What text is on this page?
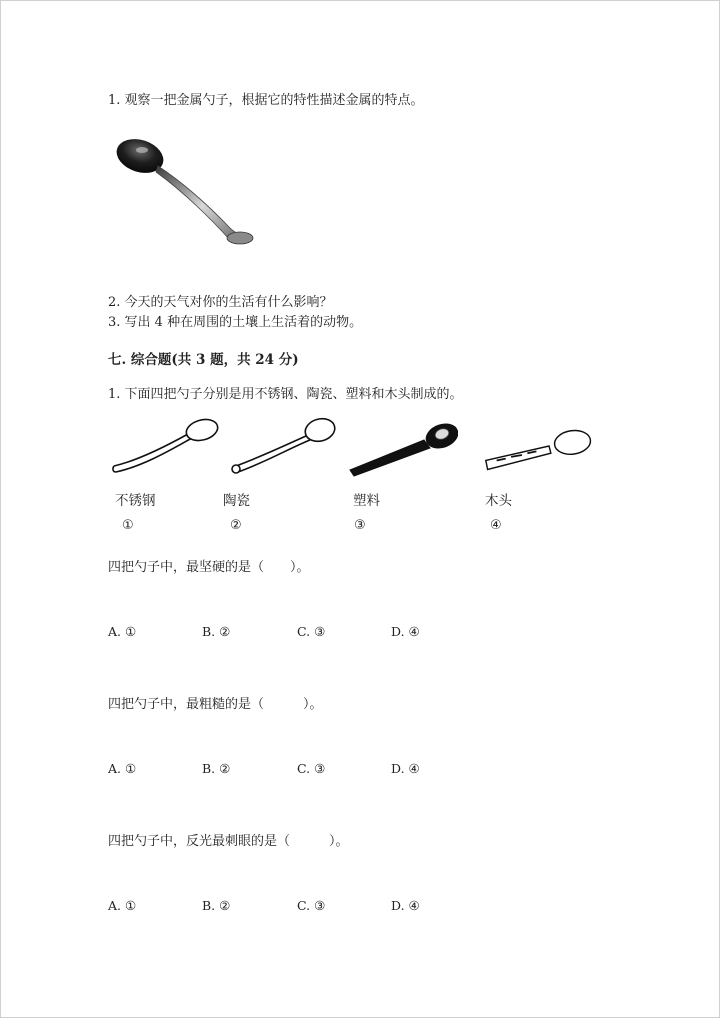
1. 观察一把金属勺子，根据它的特性描述金属的特点。
2. 今天的天气对你的生活有什么影响？
3. 写出 4 种在周围的土壤上生活着的动物。
七. 综合题(共 3 题，共 24 分)
1. 下面四把勺子分别是用不锈钢、陶瓷、塑料和木头制成的。
不锈钢	陶瓷	塑料	木头
①	②	③	④
四把勺子中，最坚硬的是（　　）。
A. ①	B. ②	C. ③	D. ④
四把勺子中，最粗糙的是（　　　）。
A. ①	B. ②	C. ③	D. ④
四把勺子中，反光最刺眼的是（　　　）。
A. ①	B. ②	C. ③	D. ④
